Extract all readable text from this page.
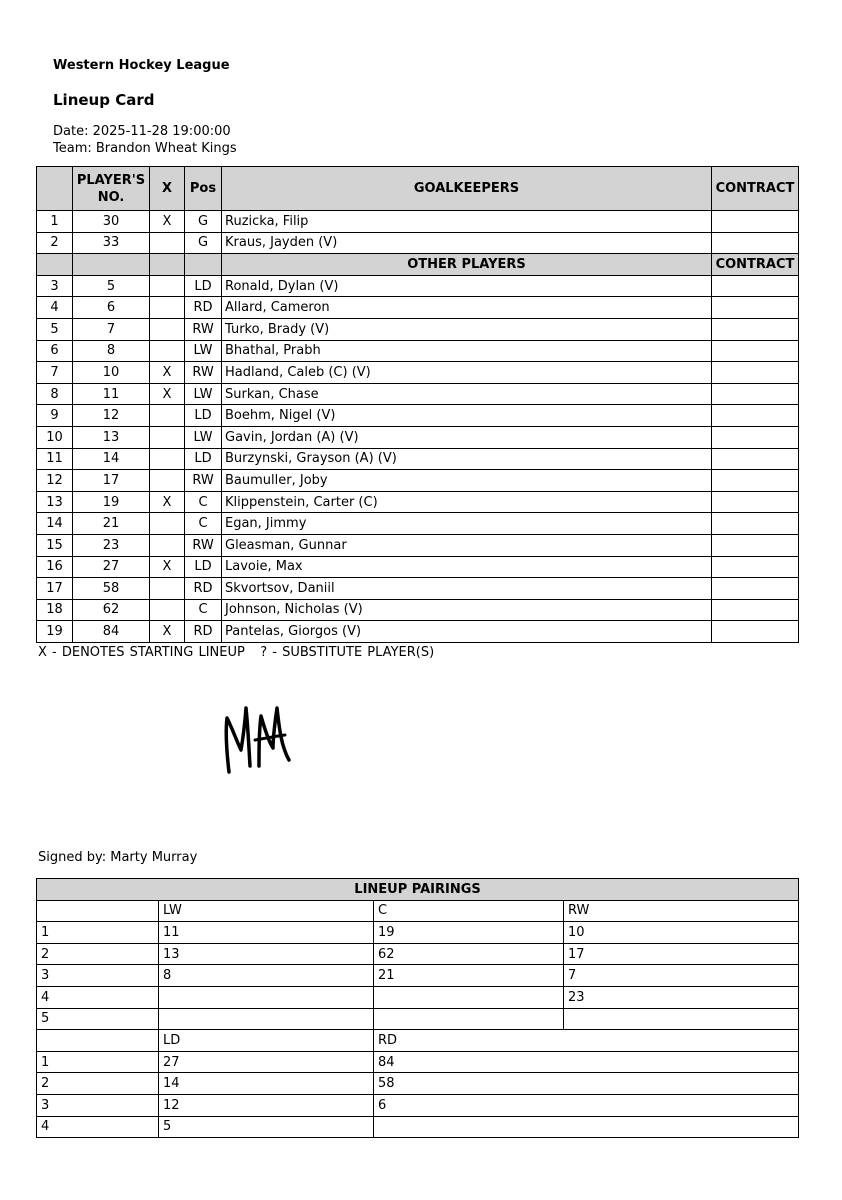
Western Hockey League
Lineup Card
Date: 2025-11-28 19:00:00
Team: Brandon Wheat Kings
	PLAYER'S NO.	X	Pos	GOALKEEPERS	CONTRACT
1	30	X	G	Ruzicka, Filip	
2	33		G	Kraus, Jayden (V)	
				OTHER PLAYERS	CONTRACT
3	5		LD	Ronald, Dylan (V)	
4	6		RD	Allard, Cameron	
5	7		RW	Turko, Brady (V)	
6	8		LW	Bhathal, Prabh	
7	10	X	RW	Hadland, Caleb (C) (V)	
8	11	X	LW	Surkan, Chase	
9	12		LD	Boehm, Nigel (V)	
10	13		LW	Gavin, Jordan (A) (V)	
11	14		LD	Burzynski, Grayson (A) (V)	
12	17		RW	Baumuller, Joby	
13	19	X	C	Klippenstein, Carter (C)	
14	21		C	Egan, Jimmy	
15	23		RW	Gleasman, Gunnar	
16	27	X	LD	Lavoie, Max	
17	58		RD	Skvortsov, Daniil	
18	62		C	Johnson, Nicholas (V)	
19	84	X	RD	Pantelas, Giorgos (V)	
X - DENOTES STARTING LINEUP   ? - SUBSTITUTE PLAYER(S)
Signed by: Marty Murray
LINEUP PAIRINGS			
	LW	C	RW
1	11	19	10
2	13	62	17
3	8	21	7
4			23
5			
	LD	RD	
1	27	84	
2	14	58	
3	12	6	
4	5		
